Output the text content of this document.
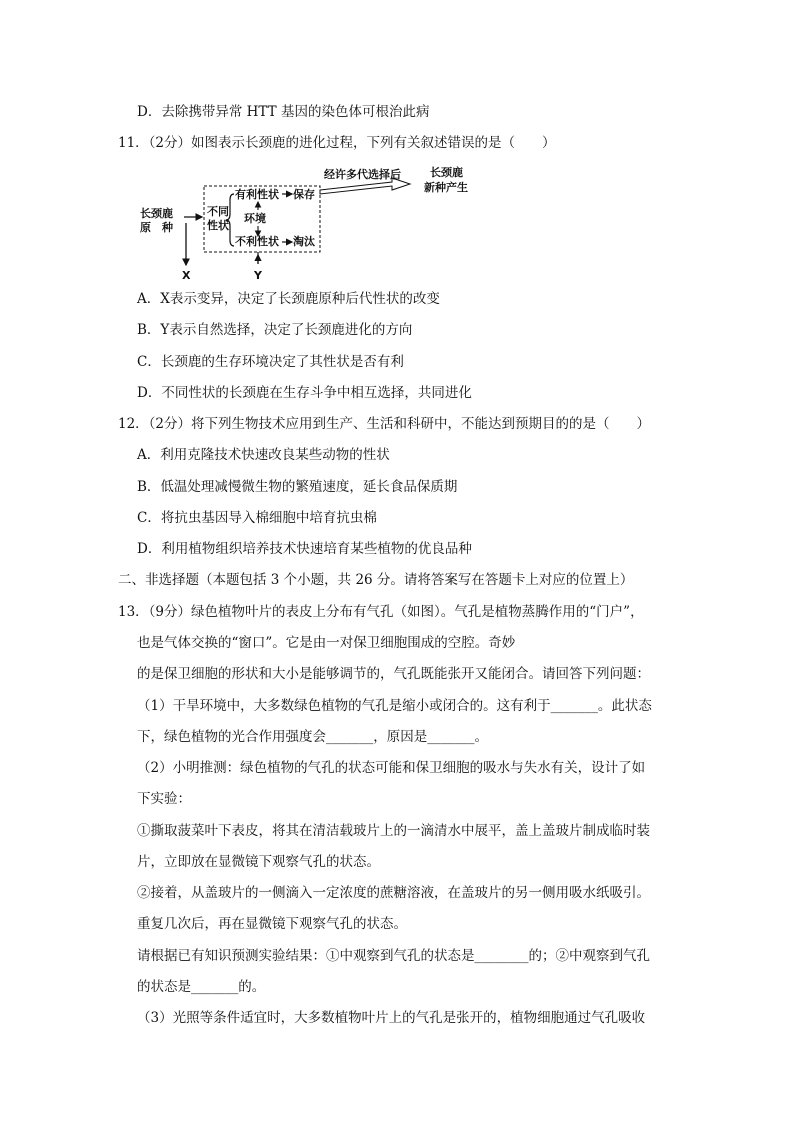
D．去除携带异常 HTT 基因的染色体可根治此病
11．（2分）如图表示长颈鹿的进化过程，下列有关叙述错误的是（　　）
长颈鹿
原　种
X
不同
性状
有利性状 保存
环境
不利性状 淘汰
Y
经许多代选择后	长颈鹿
新种产生
A．X表示变异，决定了长颈鹿原种后代性状的改变
B．Y表示自然选择，决定了长颈鹿进化的方向
C．长颈鹿的生存环境决定了其性状是否有利
D．不同性状的长颈鹿在生存斗争中相互选择，共同进化
12．（2分）将下列生物技术应用到生产、生活和科研中，不能达到预期目的的是（　　）
A．利用克隆技术快速改良某些动物的性状
B．低温处理减慢微生物的繁殖速度，延长食品保质期
C．将抗虫基因导入棉细胞中培育抗虫棉
D．利用植物组织培养技术快速培育某些植物的优良品种
二、非选择题（本题包括 3 个小题，共 26 分。请将答案写在答题卡上对应的位置上）
13．（9分）绿色植物叶片的表皮上分布有气孔（如图）。气孔是植物蒸腾作用的“门户”，
也是气体交换的“窗口”。它是由一对保卫细胞围成的空腔。奇妙
的是保卫细胞的形状和大小是能够调节的，气孔既能张开又能闭合。请回答下列问题：
（1）干旱环境中，大多数绿色植物的气孔是缩小或闭合的。这有利于_______。此状态
下，绿色植物的光合作用强度会_______，原因是_______。
（2）小明推测：绿色植物的气孔的状态可能和保卫细胞的吸水与失水有关，设计了如
下实验：
①撕取菠菜叶下表皮，将其在清洁载玻片上的一滴清水中展平，盖上盖玻片制成临时装
片，立即放在显微镜下观察气孔的状态。
②接着，从盖玻片的一侧滴入一定浓度的蔗糖溶液，在盖玻片的另一侧用吸水纸吸引。
重复几次后，再在显微镜下观察气孔的状态。
请根据已有知识预测实验结果：①中观察到气孔的状态是________的；②中观察到气孔
的状态是_______的。
（3）光照等条件适宜时，大多数植物叶片上的气孔是张开的，植物细胞通过气孔吸收
